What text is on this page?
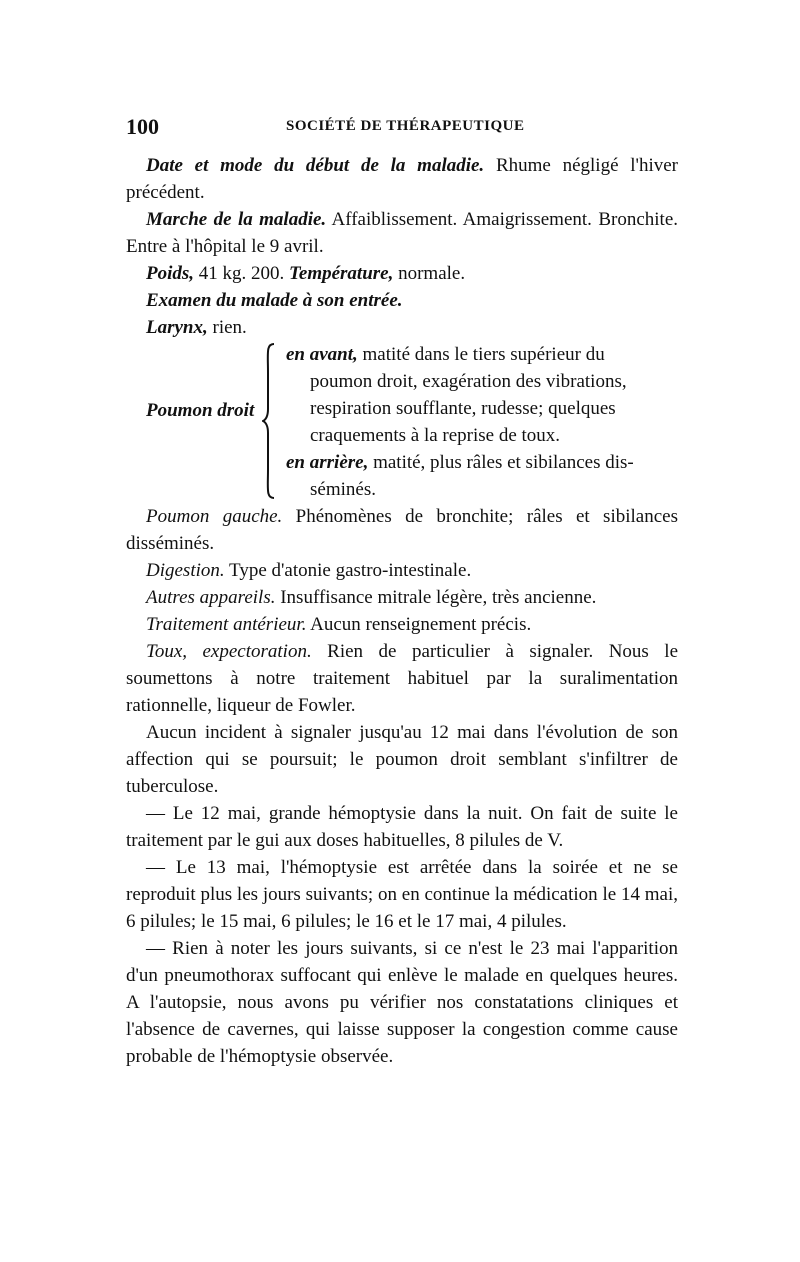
100	SOCIÉTÉ DE THÉRAPEUTIQUE

Date et mode du début de la maladie. Rhume négligé l'hiver précédent.

Marche de la maladie. Affaiblissement. Amaigrissement. Bronchite. Entre à l'hôpital le 9 avril.

Poids, 41 kg. 200. Température, normale.

Examen du malade à son entrée.

Larynx, rien.

Poumon droit

en avant, matité dans le tiers supérieur du

poumon droit, exagération des vibrations,

respiration soufflante, rudesse; quelques

craquements à la reprise de toux.

en arrière, matité, plus râles et sibilances dis-

séminés.

Poumon gauche. Phénomènes de bronchite; râles et sibilances disséminés.

Digestion. Type d'atonie gastro-intestinale.

Autres appareils. Insuffisance mitrale légère, très ancienne.

Traitement antérieur. Aucun renseignement précis.

Toux, expectoration. Rien de particulier à signaler. Nous le soumettons à notre traitement habituel par la suralimentation rationnelle, liqueur de Fowler.

Aucun incident à signaler jusqu'au 12 mai dans l'évolution de son affection qui se poursuit; le poumon droit semblant s'infiltrer de tuberculose.

— Le 12 mai, grande hémoptysie dans la nuit. On fait de suite le traitement par le gui aux doses habituelles, 8 pilules de V.

— Le 13 mai, l'hémoptysie est arrêtée dans la soirée et ne se reproduit plus les jours suivants; on en continue la médication le 14 mai, 6 pilules; le 15 mai, 6 pilules; le 16 et le 17 mai, 4 pilules.

— Rien à noter les jours suivants, si ce n'est le 23 mai l'apparition d'un pneumothorax suffocant qui enlève le malade en quelques heures. A l'autopsie, nous avons pu vérifier nos constatations cliniques et l'absence de cavernes, qui laisse supposer la congestion comme cause probable de l'hémoptysie observée.
